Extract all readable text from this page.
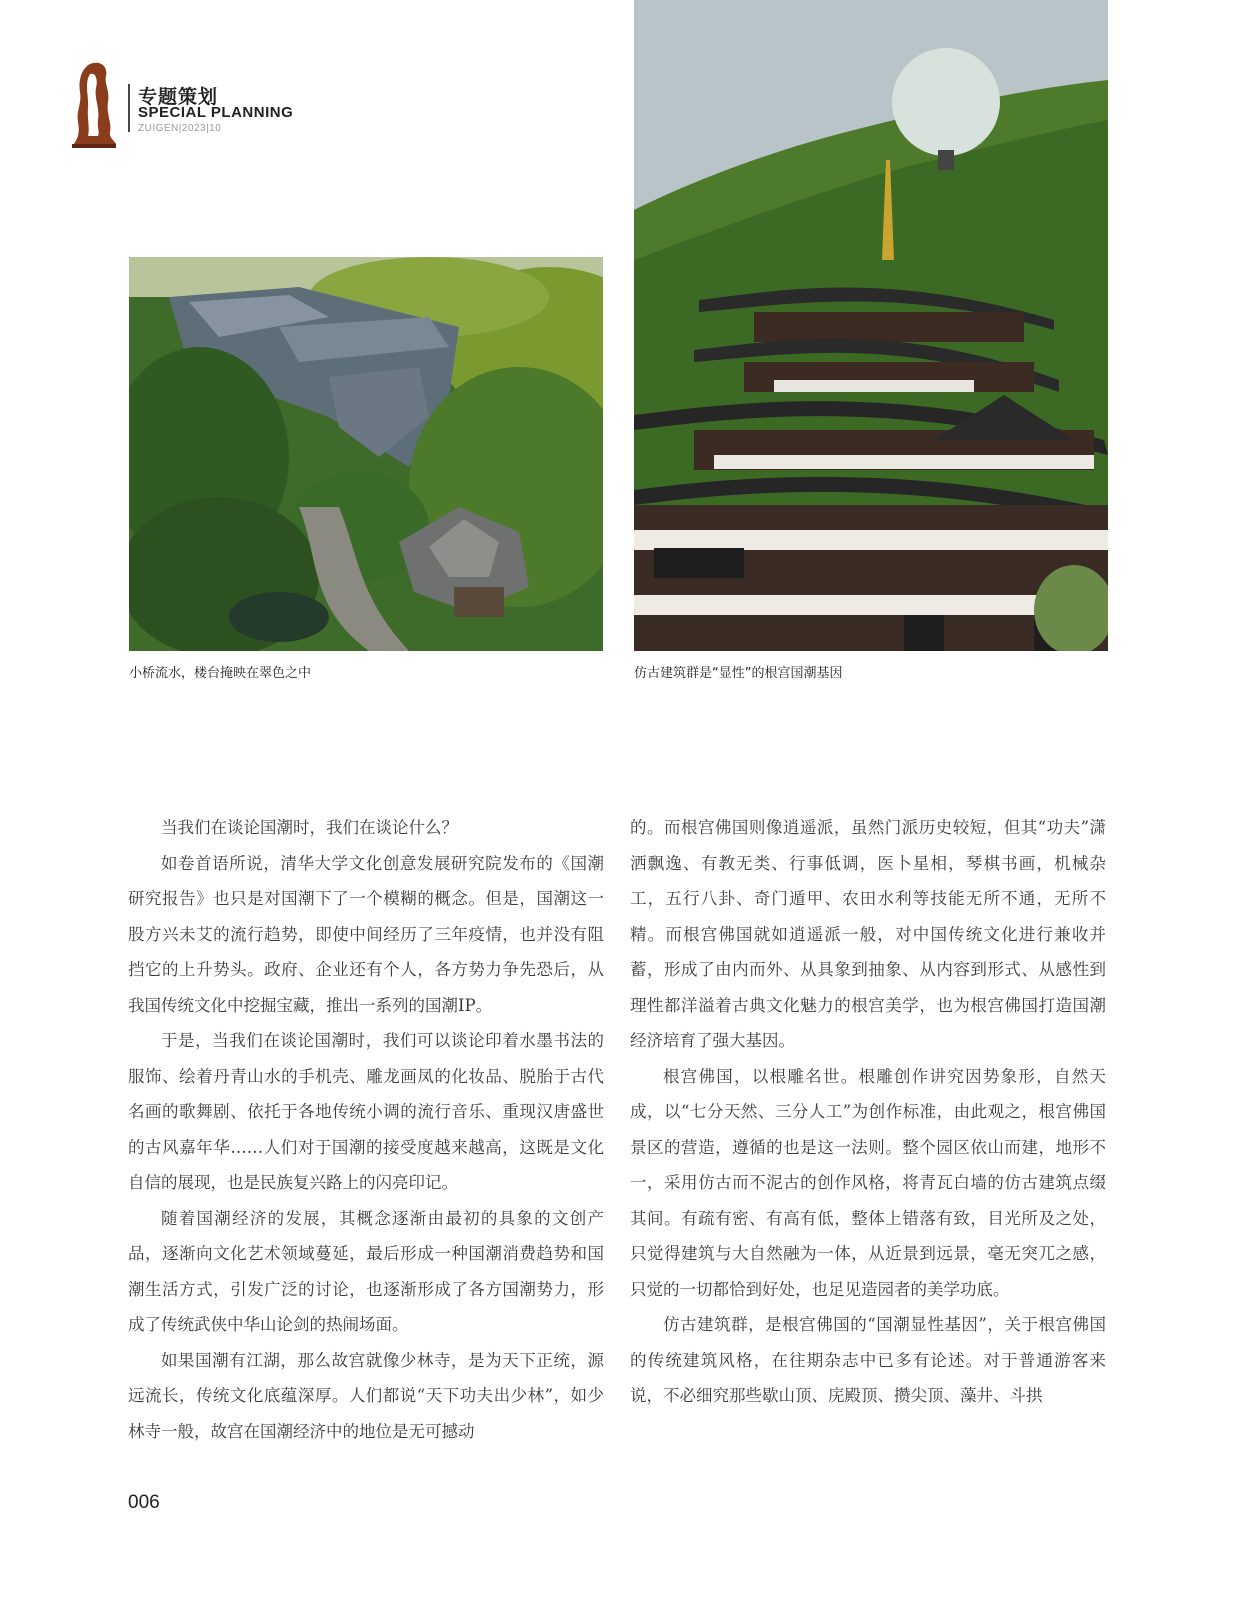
专题策划
SPECIAL PLANNING
ZUIGEN|2023|10
小桥流水，楼台掩映在翠色之中	仿古建筑群是“显性”的根宫国潮基因

当我们在谈论国潮时，我们在谈论什么？

如卷首语所说，清华大学文化创意发展研究院发布的《国潮研究报告》也只是对国潮下了一个模糊的概念。但是，国潮这一股方兴未艾的流行趋势，即使中间经历了三年疫情，也并没有阻挡它的上升势头。政府、企业还有个人，各方势力争先恐后，从我国传统文化中挖掘宝藏，推出一系列的国潮IP。

于是，当我们在谈论国潮时，我们可以谈论印着水墨书法的服饰、绘着丹青山水的手机壳、雕龙画凤的化妆品、脱胎于古代名画的歌舞剧、依托于各地传统小调的流行音乐、重现汉唐盛世的古风嘉年华……人们对于国潮的接受度越来越高，这既是文化自信的展现，也是民族复兴路上的闪亮印记。

随着国潮经济的发展，其概念逐渐由最初的具象的文创产品，逐渐向文化艺术领域蔓延，最后形成一种国潮消费趋势和国潮生活方式，引发广泛的讨论，也逐渐形成了各方国潮势力，形成了传统武侠中华山论剑的热闹场面。

如果国潮有江湖，那么故宫就像少林寺，是为天下正统，源远流长，传统文化底蕴深厚。人们都说“天下功夫出少林”，如少林寺一般，故宫在国潮经济中的地位是无可撼动

的。而根宫佛国则像逍遥派，虽然门派历史较短，但其“功夫”潇洒飘逸、有教无类、行事低调，医卜星相，琴棋书画，机械杂工，五行八卦、奇门遁甲、农田水利等技能无所不通，无所不精。而根宫佛国就如逍遥派一般，对中国传统文化进行兼收并蓄，形成了由内而外、从具象到抽象、从内容到形式、从感性到理性都洋溢着古典文化魅力的根宫美学，也为根宫佛国打造国潮经济培育了强大基因。

根宫佛国，以根雕名世。根雕创作讲究因势象形，自然天成，以“七分天然、三分人工”为创作标准，由此观之，根宫佛国景区的营造，遵循的也是这一法则。整个园区依山而建，地形不一，采用仿古而不泥古的创作风格，将青瓦白墙的仿古建筑点缀其间。有疏有密、有高有低，整体上错落有致，目光所及之处，只觉得建筑与大自然融为一体，从近景到远景，毫无突兀之感，只觉的一切都恰到好处，也足见造园者的美学功底。

仿古建筑群，是根宫佛国的“国潮显性基因”，关于根宫佛国的传统建筑风格，在往期杂志中已多有论述。对于普通游客来说，不必细究那些歇山顶、庑殿顶、攒尖顶、藻井、斗拱

006
